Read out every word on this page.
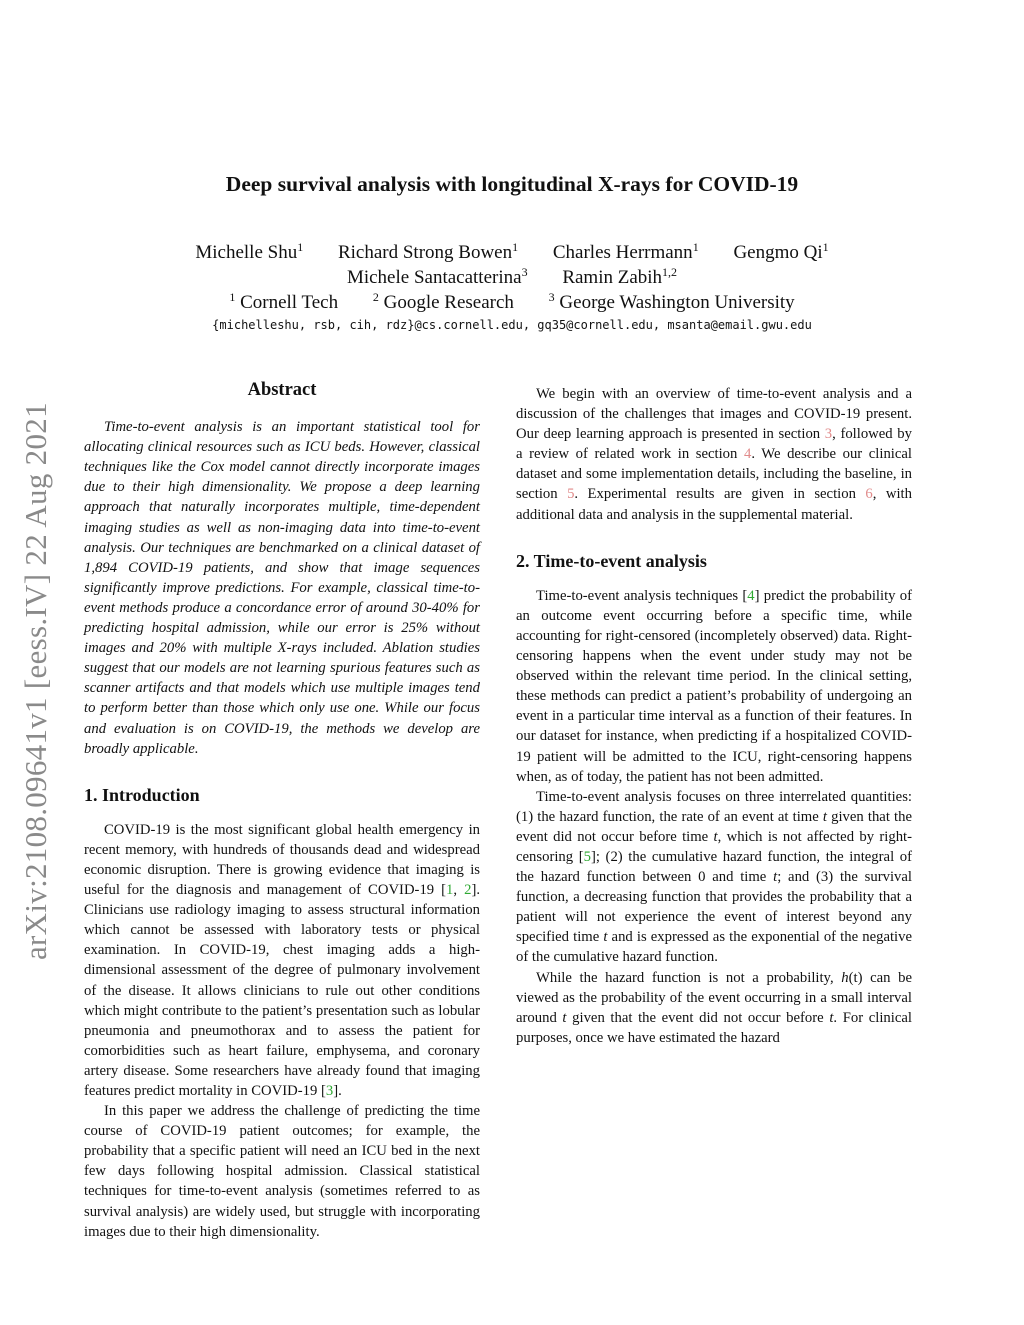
arXiv:2108.09641v1 [eess.IV] 22 Aug 2021
Deep survival analysis with longitudinal X-rays for COVID-19
Michelle Shu$^1$ Richard Strong Bowen$^1$ Charles Herrmann$^1$ Gengmo Qi$^1$
Michele Santacatterina$^3$ Ramin Zabih$^{1,2}$
$^1$ Cornell Tech	$^2$ Google Research	$^3$ George Washington University
{michelleshu, rsb, cih, rdz}@cs.cornell.edu, gq35@cornell.edu, msanta@email.gwu.edu
Abstract

Time-to-event analysis is an important statistical tool for allocating clinical resources such as ICU beds. However, classical techniques like the Cox model cannot directly incorporate images due to their high dimensionality. We propose a deep learning approach that naturally incorporates multiple, time-dependent imaging studies as well as non-imaging data into time-to-event analysis. Our techniques are benchmarked on a clinical dataset of 1,894 COVID-19 patients, and show that image sequences significantly improve predictions. For example, classical time-to-event methods produce a concordance error of around 30-40% for predicting hospital admission, while our error is 25% without images and 20% with multiple X-rays included. Ablation studies suggest that our models are not learning spurious features such as scanner artifacts and that models which use multiple images tend to perform better than those which only use one. While our focus and evaluation is on COVID-19, the methods we develop are broadly applicable.

1. Introduction

COVID-19 is the most significant global health emergency in recent memory, with hundreds of thousands dead and widespread economic disruption. There is growing evidence that imaging is useful for the diagnosis and management of COVID-19 [1, 2]. Clinicians use radiology imaging to assess structural information which cannot be assessed with laboratory tests or physical examination. In COVID-19, chest imaging adds a high-dimensional assessment of the degree of pulmonary involvement of the disease. It allows clinicians to rule out other conditions which might contribute to the patient’s presentation such as lobular pneumonia and pneumothorax and to assess the patient for comorbidities such as heart failure, emphysema, and coronary artery disease. Some researchers have already found that imaging features predict mortality in COVID-19 [3].

In this paper we address the challenge of predicting the time course of COVID-19 patient outcomes; for example, the probability that a specific patient will need an ICU bed in the next few days following hospital admission. Classical statistical techniques for time-to-event analysis (sometimes referred to as survival analysis) are widely used, but struggle with incorporating images due to their high dimensionality.

We begin with an overview of time-to-event analysis and a discussion of the challenges that images and COVID-19 present. Our deep learning approach is presented in section 3, followed by a review of related work in section 4. We describe our clinical dataset and some implementation details, including the baseline, in section 5. Experimental results are given in section 6, with additional data and analysis in the supplemental material.

2. Time-to-event analysis

Time-to-event analysis techniques [4] predict the probability of an outcome event occurring before a specific time, while accounting for right-censored (incompletely observed) data. Right-censoring happens when the event under study may not be observed within the relevant time period. In the clinical setting, these methods can predict a patient’s probability of undergoing an event in a particular time interval as a function of their features. In our dataset for instance, when predicting if a hospitalized COVID-19 patient will be admitted to the ICU, right-censoring happens when, as of today, the patient has not been admitted.

Time-to-event analysis focuses on three interrelated quantities: (1) the hazard function, the rate of an event at time t given that the event did not occur before time t, which is not affected by right-censoring [5]; (2) the cumulative hazard function, the integral of the hazard function between 0 and time t; and (3) the survival function, a decreasing function that provides the probability that a patient will not experience the event of interest beyond any specified time t and is expressed as the exponential of the negative of the cumulative hazard function.

While the hazard function is not a probability, h(t) can be viewed as the probability of the event occurring in a small interval around t given that the event did not occur before t. For clinical purposes, once we have estimated the hazard
